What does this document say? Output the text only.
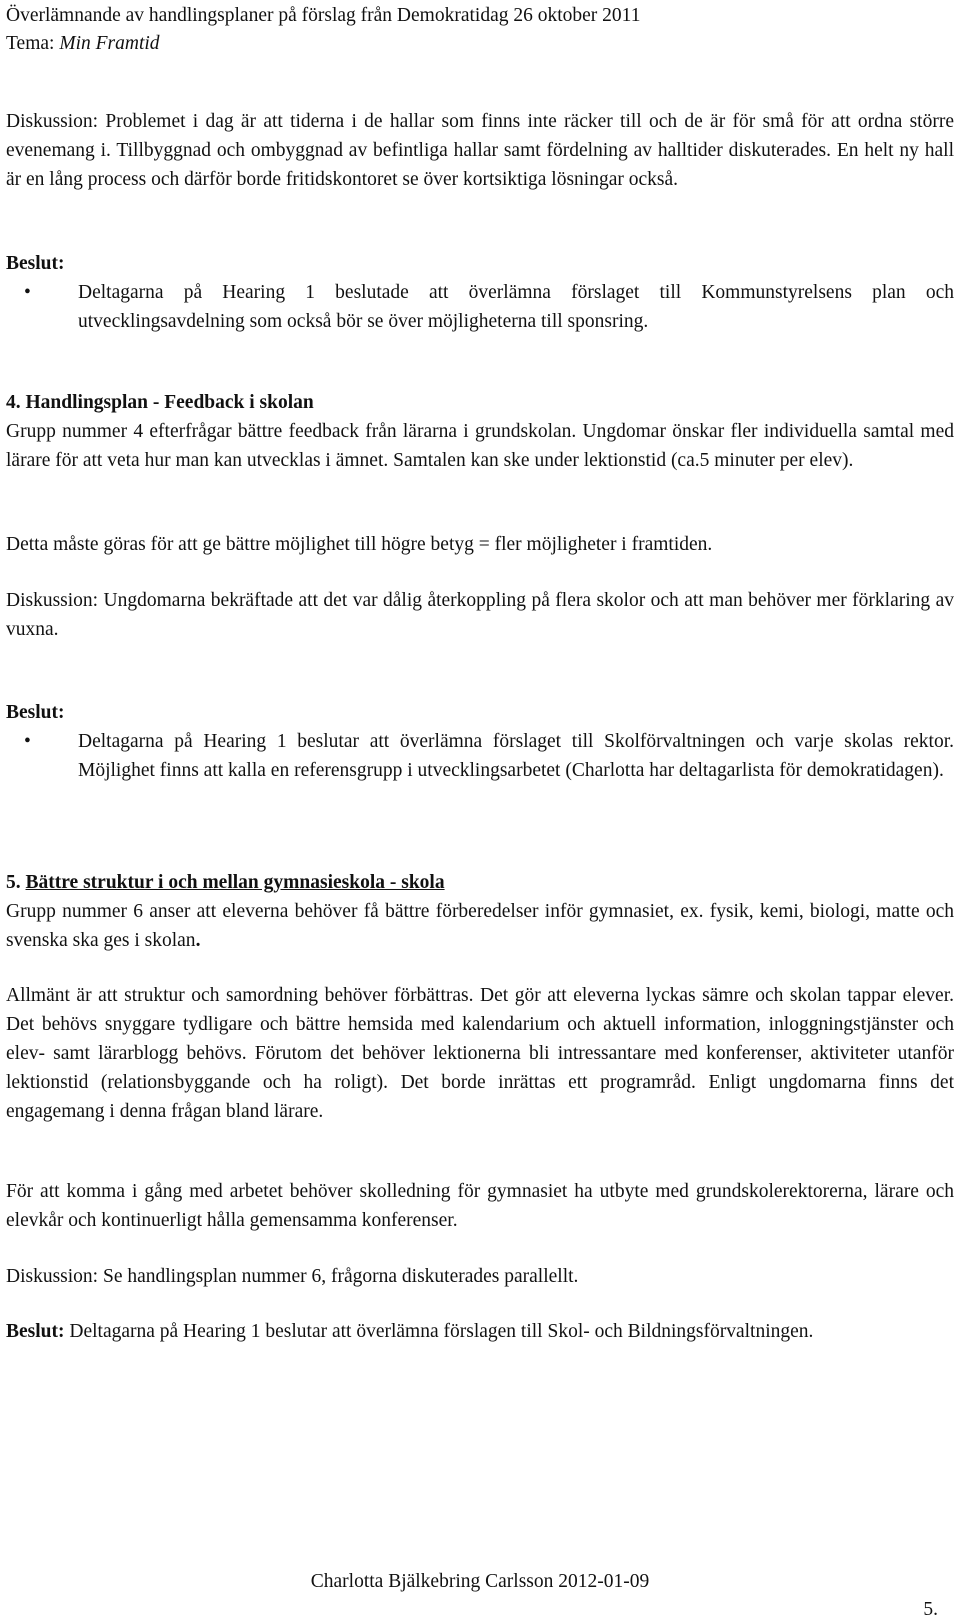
Överlämnande av handlingsplaner på förslag från Demokratidag 26 oktober 2011
Tema: Min Framtid
Diskussion: Problemet i dag är att tiderna i de hallar som finns inte räcker till och de är för små för att ordna större evenemang i. Tillbyggnad och ombyggnad av befintliga hallar samt fördelning av halltider diskuterades. En helt ny hall är en lång process och därför borde fritidskontoret se över kortsiktiga lösningar också.
Beslut:
•	Deltagarna på Hearing 1 beslutade att överlämna förslaget till Kommunstyrelsens plan och utvecklingsavdelning som också bör se över möjligheterna till sponsring.
4. Handlingsplan - Feedback i skolan
Grupp nummer 4 efterfrågar bättre feedback från lärarna i grundskolan. Ungdomar önskar fler individuella samtal med lärare för att veta hur man kan utvecklas i ämnet. Samtalen kan ske under lektionstid (ca.5 minuter per elev).
Detta måste göras för att ge bättre möjlighet till högre betyg = fler möjligheter i framtiden.
Diskussion: Ungdomarna bekräftade att det var dålig återkoppling på flera skolor och att man behöver mer förklaring av vuxna.
Beslut:
•	Deltagarna på Hearing 1 beslutar att överlämna förslaget till Skolförvaltningen och varje skolas rektor. Möjlighet finns att kalla en referensgrupp i utvecklingsarbetet (Charlotta har deltagarlista för demokratidagen).
5. Bättre struktur i och mellan gymnasieskola - skola
Grupp nummer 6 anser att eleverna behöver få bättre förberedelser inför gymnasiet, ex. fysik, kemi, biologi, matte och svenska ska ges i skolan.
Allmänt är att struktur och samordning behöver förbättras. Det gör att eleverna lyckas sämre och skolan tappar elever. Det behövs snyggare tydligare och bättre hemsida med kalendarium och aktuell information, inloggningstjänster och elev- samt lärarblogg behövs. Förutom det behöver lektionerna bli intressantare med konferenser, aktiviteter utanför lektionstid (relationsbyggande och ha roligt). Det borde inrättas ett programråd. Enligt ungdomarna finns det engagemang i denna frågan bland lärare.
För att komma i gång med arbetet behöver skolledning för gymnasiet ha utbyte med grundskolerektorerna, lärare och elevkår och kontinuerligt hålla gemensamma konferenser.
Diskussion: Se handlingsplan nummer 6, frågorna diskuterades parallellt.
Beslut: Deltagarna på Hearing 1 beslutar att överlämna förslagen till Skol- och Bildningsförvaltningen.
Charlotta Bjälkebring Carlsson 2012-01-09
5.
